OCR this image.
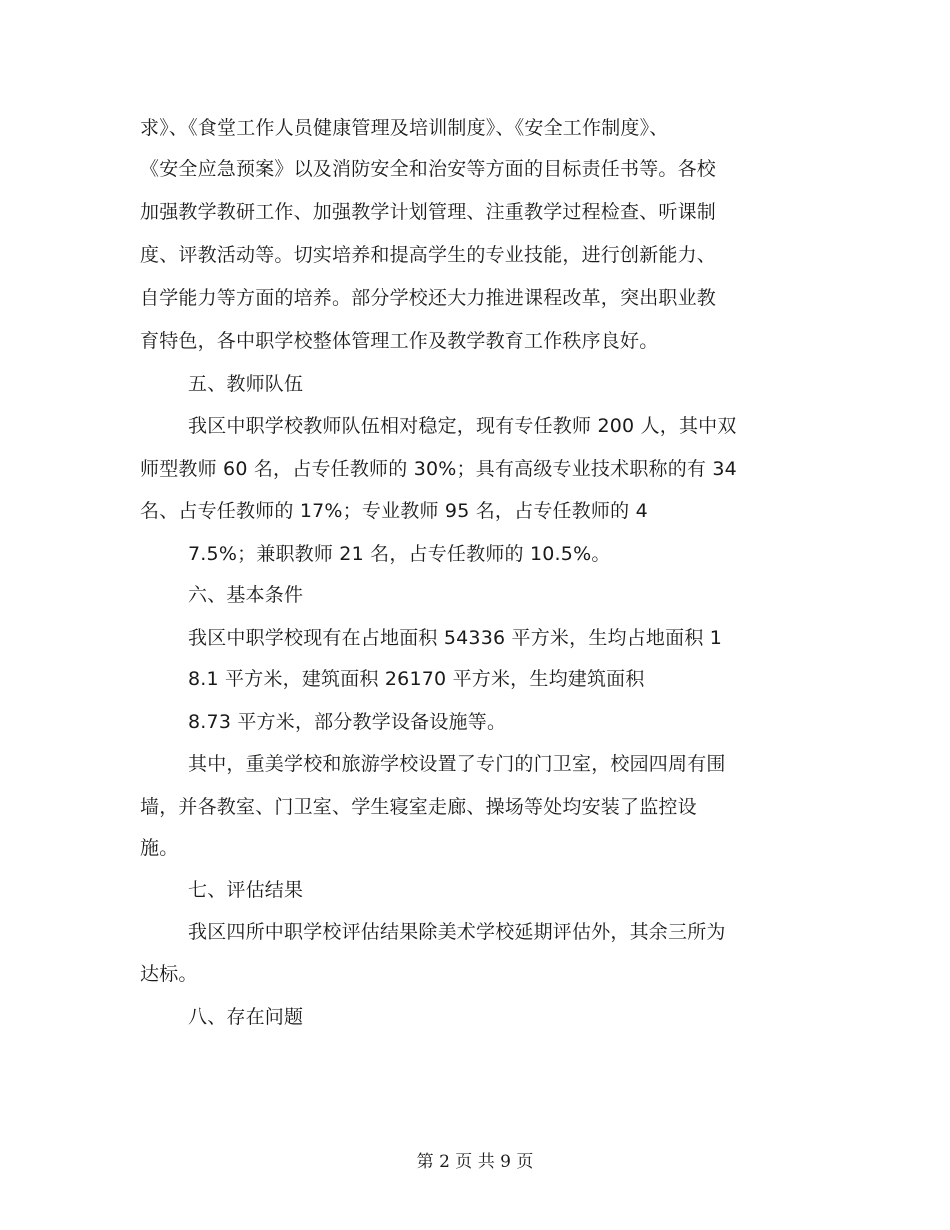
求》、《食堂工作人员健康管理及培训制度》、《安全工作制度》、
《安全应急预案》以及消防安全和治安等方面的目标责任书等。各校
加强教学教研工作、加强教学计划管理、注重教学过程检查、听课制
度、评教活动等。切实培养和提高学生的专业技能，进行创新能力、
自学能力等方面的培养。部分学校还大力推进课程改革，突出职业教
育特色，各中职学校整体管理工作及教学教育工作秩序良好。
五、教师队伍
我区中职学校教师队伍相对稳定，现有专任教师 200 人，其中双
师型教师 60 名，占专任教师的 30%；具有高级专业技术职称的有 34
名、占专任教师的 17%；专业教师 95 名，占专任教师的 4
7.5%；兼职教师 21 名，占专任教师的 10.5%。
六、基本条件
我区中职学校现有在占地面积 54336 平方米，生均占地面积 1
8.1 平方米，建筑面积 26170 平方米，生均建筑面积
8.73 平方米，部分教学设备设施等。
其中，重美学校和旅游学校设置了专门的门卫室，校园四周有围
墙，并各教室、门卫室、学生寝室走廊、操场等处均安装了监控设
施。
七、评估结果
我区四所中职学校评估结果除美术学校延期评估外，其余三所为
达标。
八、存在问题
第 2 页 共 9 页
